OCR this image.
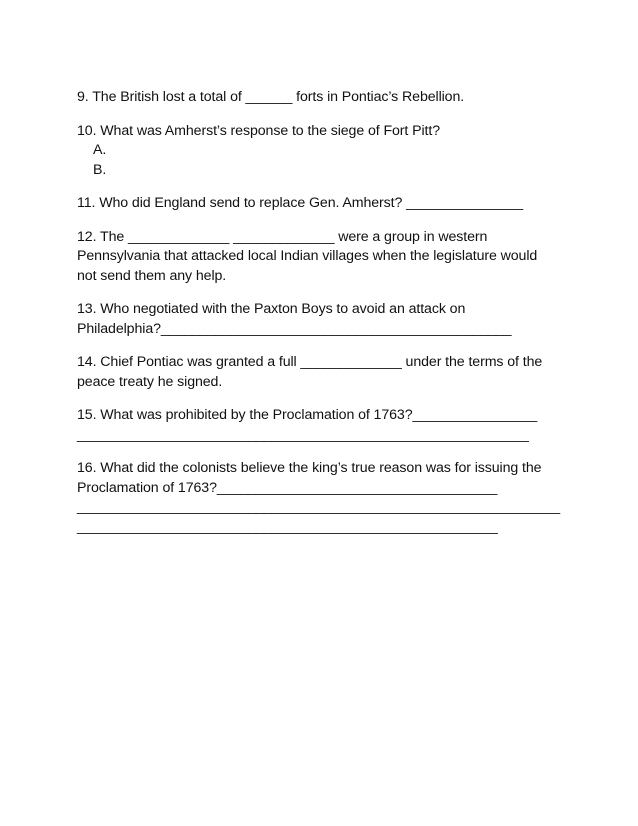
9. The British lost a total of ______ forts in Pontiac’s Rebellion.
10. What was Amherst’s response to the siege of Fort Pitt?
A.
B.
11. Who did England send to replace Gen. Amherst? _______________
12. The _____________ _____________ were a group in western
Pennsylvania that attacked local Indian villages when the legislature would
not send them any help.
13. Who negotiated with the Paxton Boys to avoid an attack on
Philadelphia?_____________________________________________
14. Chief Pontiac was granted a full _____________ under the terms of the
peace treaty he signed.
15. What was prohibited by the Proclamation of 1763?________________
__________________________________________________________
16. What did the colonists believe the king’s true reason was for issuing the
Proclamation of 1763?____________________________________
______________________________________________________________
______________________________________________________
